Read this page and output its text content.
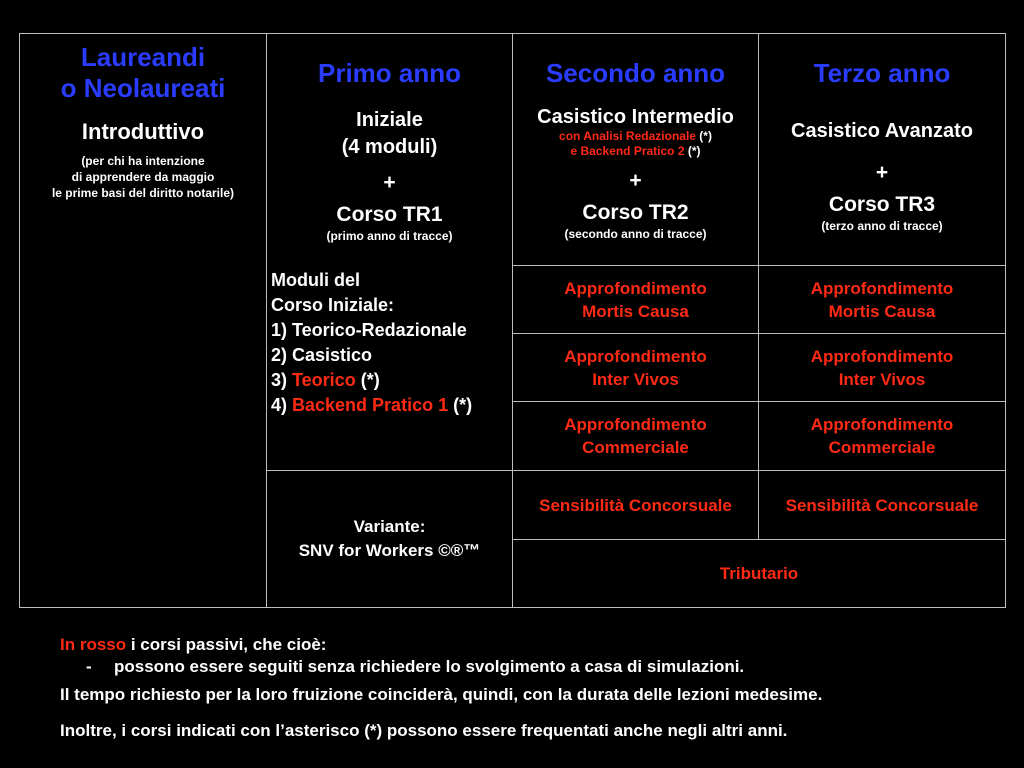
Laureandi
o Neolaureati
Introduttivo
(per chi ha intenzione
di apprendere da maggio
le prime basi del diritto notarile)
Primo anno
Iniziale
(4 moduli)
+
Corso TR1
(primo anno di tracce)
Moduli del
Corso Iniziale:
1) Teorico-Redazionale
2) Casistico
3) Teorico (*)
4) Backend Pratico 1 (*)
Secondo anno
Casistico Intermedio
con Analisi Redazionale (*)
e Backend Pratico 2 (*)
+
Corso TR2
(secondo anno di tracce)
Terzo anno
Casistico Avanzato
+
Corso TR3
(terzo anno di tracce)
Approfondimento
Mortis Causa
Approfondimento
Inter Vivos
Approfondimento
Commerciale
Sensibilità Concorsuale
Approfondimento
Mortis Causa
Approfondimento
Inter Vivos
Approfondimento
Commerciale
Sensibilità Concorsuale
Variante:
SNV for Workers ©®™
Tributario
In rosso i corsi passivi, che cioè:
- possono essere seguiti senza richiedere lo svolgimento a casa di simulazioni.
Il tempo richiesto per la loro fruizione coinciderà, quindi, con la durata delle lezioni medesime.
Inoltre, i corsi indicati con l’asterisco (*) possono essere frequentati anche negli altri anni.
